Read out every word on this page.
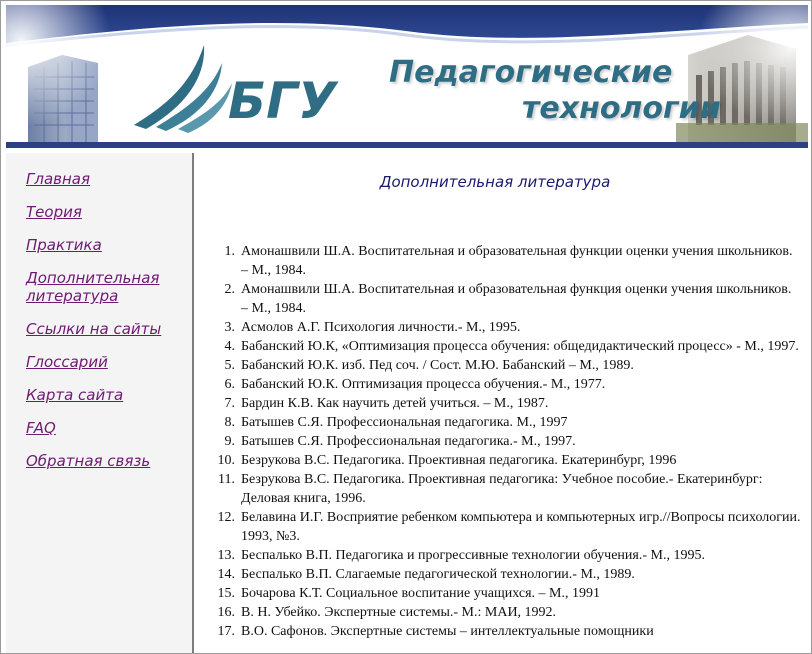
БГУ Педагогические
технологии
Главная
Теория
Практика
Дополнительная литература
Ссылки на сайты
Глоссарий
Карта сайта
FAQ
Обратная связь
Дополнительная литература
1. Амонашвили Ш.А. Воспитательная и образовательная функции оценки учения школьников. – М., 1984.
2. Амонашвили Ш.А. Воспитательная и образовательная функция оценки учения школьников. – М., 1984.
3. Асмолов А.Г. Психология личности.- М., 1995.
4. Бабанский Ю.К, «Оптимизация процесса обучения: общедидактический процесс» - М., 1997.
5. Бабанский Ю.К. изб. Пед соч. / Сост. М.Ю. Бабанский – М., 1989.
6. Бабанский Ю.К. Оптимизация процесса обучения.- М., 1977.
7. Бардин К.В. Как научить детей учиться. – М., 1987.
8. Батышев С.Я. Профессиональная педагогика. М., 1997
9. Батышев С.Я. Профессиональная педагогика.- М., 1997.
10. Безрукова В.С. Педагогика. Проективная педагогика. Екатеринбург, 1996
11. Безрукова В.С. Педагогика. Проективная педагогика: Учебное пособие.- Екатеринбург: Деловая книга, 1996.
12. Белавина И.Г. Восприятие ребенком компьютера и компьютерных игр.//Вопросы психологии. 1993, №3.
13. Беспалько В.П. Педагогика и прогрессивные технологии обучения.- М., 1995.
14. Беспалько В.П. Слагаемые педагогической технологии.- М., 1989.
15. Бочарова К.Т. Социальное воспитание учащихся. – М., 1991
16. В. Н. Убейко. Экспертные системы.- М.: МАИ, 1992.
17. В.О. Сафонов. Экспертные системы – интеллектуальные помощники
